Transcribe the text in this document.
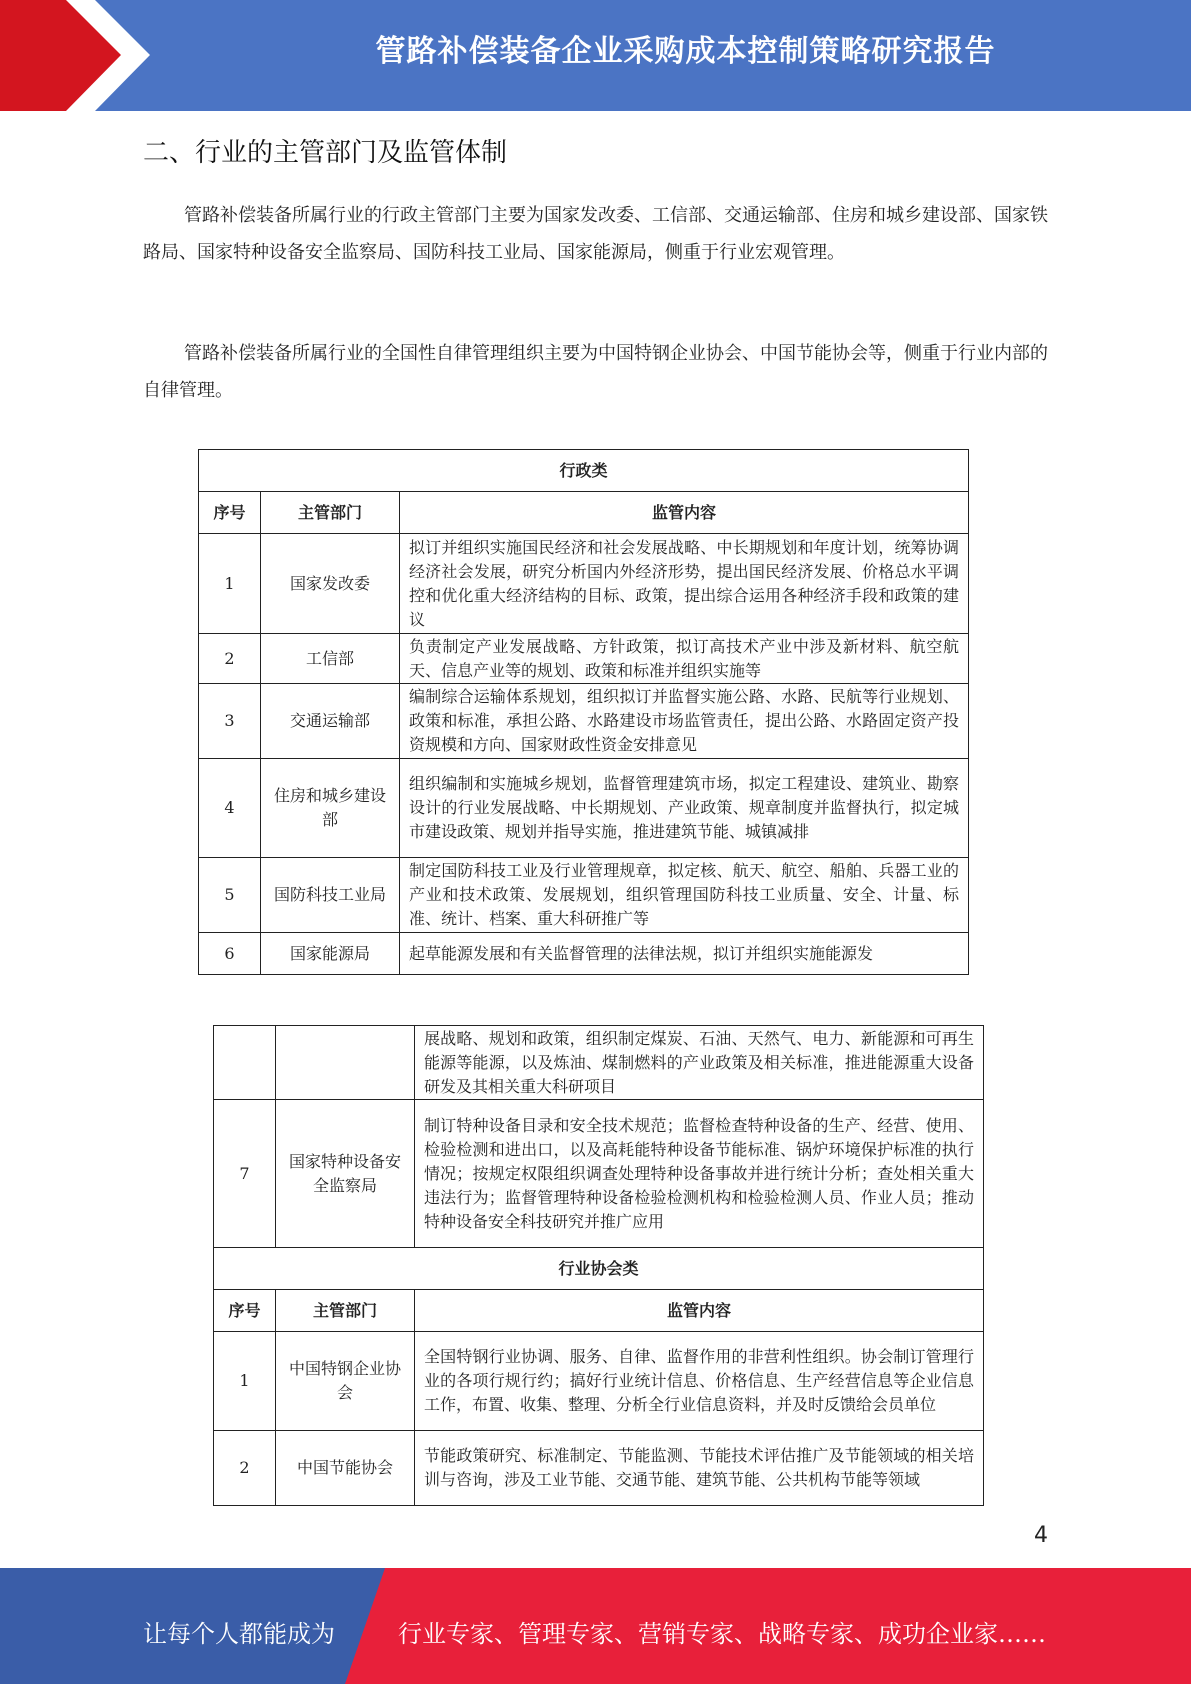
管路补偿装备企业采购成本控制策略研究报告
二、行业的主管部门及监管体制
管路补偿装备所属行业的行政主管部门主要为国家发改委、工信部、交通运输部、住房和城乡建设部、国家铁路局、国家特种设备安全监察局、国防科技工业局、国家能源局，侧重于行业宏观管理。
管路补偿装备所属行业的全国性自律管理组织主要为中国特钢企业协会、中国节能协会等，侧重于行业内部的自律管理。
行政类		
序号	主管部门	监管内容
1	国家发改委	拟订并组织实施国民经济和社会发展战略、中长期规划和年度计划，统筹协调经济社会发展，研究分析国内外经济形势，提出国民经济发展、价格总水平调控和优化重大经济结构的目标、政策，提出综合运用各种经济手段和政策的建议
2	工信部	负责制定产业发展战略、方针政策，拟订高技术产业中涉及新材料、航空航天、信息产业等的规划、政策和标准并组织实施等
3	交通运输部	编制综合运输体系规划，组织拟订并监督实施公路、水路、民航等行业规划、政策和标准，承担公路、水路建设市场监管责任，提出公路、水路固定资产投资规模和方向、国家财政性资金安排意见
4	住房和城乡建设部	组织编制和实施城乡规划，监督管理建筑市场，拟定工程建设、建筑业、勘察设计的行业发展战略、中长期规划、产业政策、规章制度并监督执行，拟定城市建设政策、规划并指导实施，推进建筑节能、城镇减排
5	国防科技工业局	制定国防科技工业及行业管理规章，拟定核、航天、航空、船舶、兵器工业的产业和技术政策、发展规划，组织管理国防科技工业质量、安全、计量、标准、统计、档案、重大科研推广等
6	国家能源局	起草能源发展和有关监督管理的法律法规，拟订并组织实施能源发
		展战略、规划和政策，组织制定煤炭、石油、天然气、电力、新能源和可再生能源等能源，以及炼油、煤制燃料的产业政策及相关标准，推进能源重大设备研发及其相关重大科研项目
7	国家特种设备安全监察局	制订特种设备目录和安全技术规范；监督检查特种设备的生产、经营、使用、检验检测和进出口，以及高耗能特种设备节能标准、锅炉环境保护标准的执行情况；按规定权限组织调查处理特种设备事故并进行统计分析；查处相关重大违法行为；监督管理特种设备检验检测机构和检验检测人员、作业人员；推动特种设备安全科技研究并推广应用
行业协会类		
序号	主管部门	监管内容
1	中国特钢企业协会	全国特钢行业协调、服务、自律、监督作用的非营利性组织。协会制订管理行业的各项行规行约；搞好行业统计信息、价格信息、生产经营信息等企业信息工作，布置、收集、整理、分析全行业信息资料，并及时反馈给会员单位
2	中国节能协会	节能政策研究、标准制定、节能监测、节能技术评估推广及节能领域的相关培训与咨询，涉及工业节能、交通节能、建筑节能、公共机构节能等领域
4
让每个人都能成为	行业专家、管理专家、营销专家、战略专家、成功企业家……
